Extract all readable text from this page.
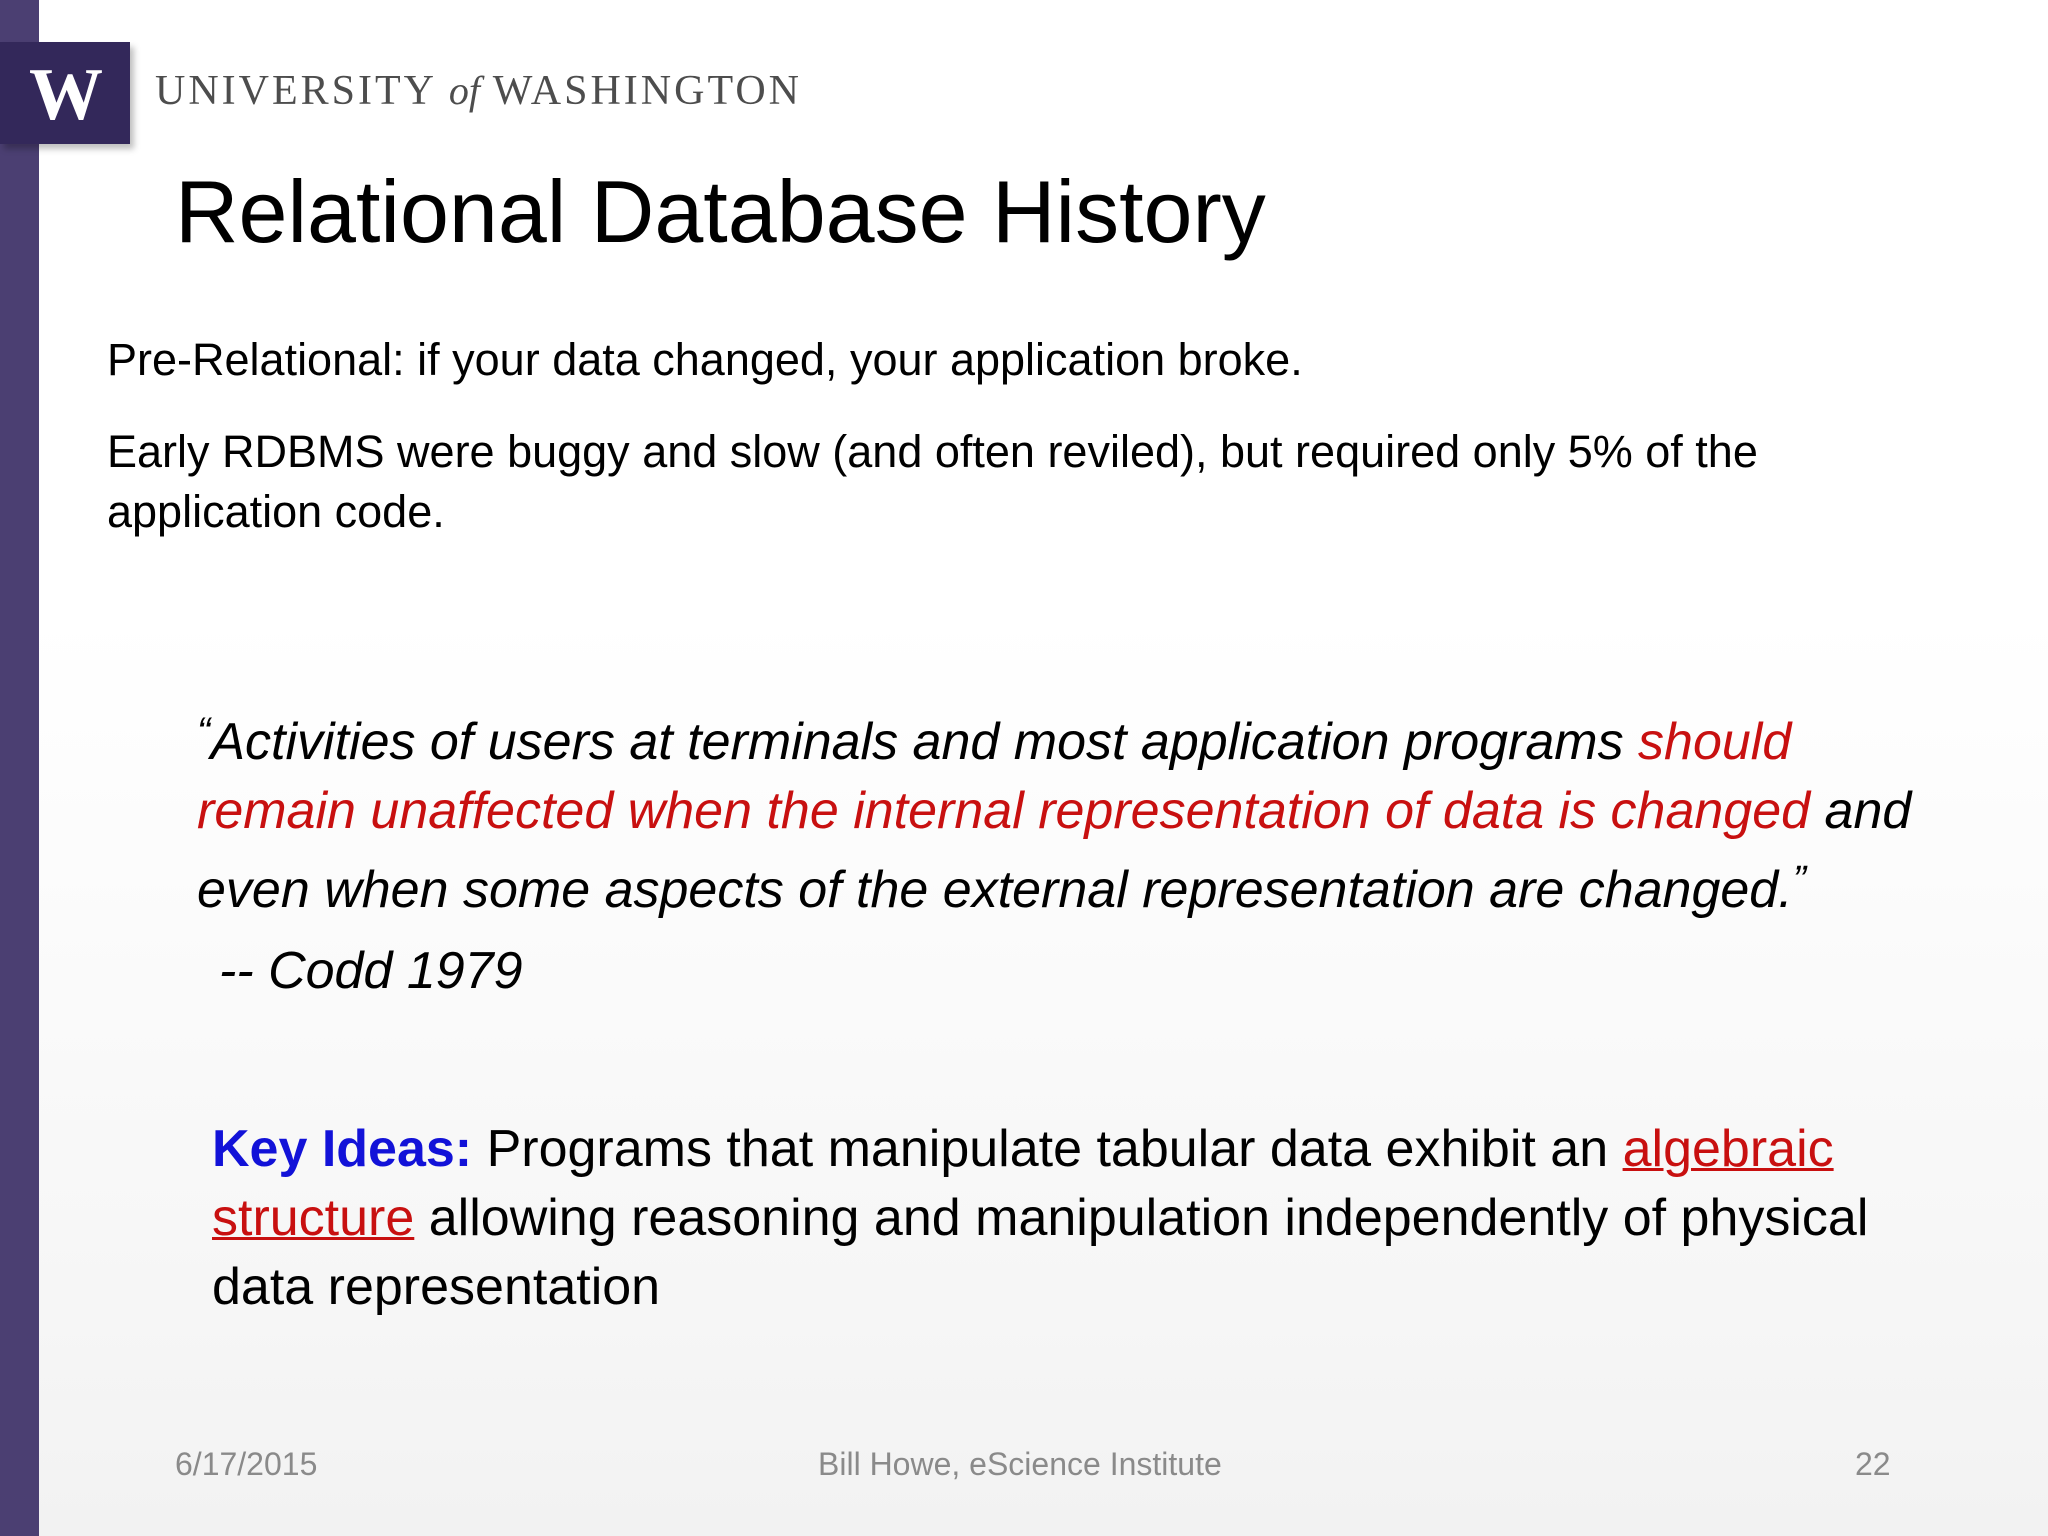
W UNIVERSITY of WASHINGTON
Relational Database History

Pre-Relational: if your data changed, your application broke.

Early RDBMS were buggy and slow (and often reviled), but required only 5% of the application code.

“Activities of users at terminals and most application programs should remain unaffected when the internal representation of data is changed and even when some aspects of the external representation are changed.”-- Codd 1979

Key Ideas: Programs that manipulate tabular data exhibit an algebraic structure allowing reasoning and manipulation independently of physical data representation

6/17/2015	Bill Howe, eScience Institute	22
